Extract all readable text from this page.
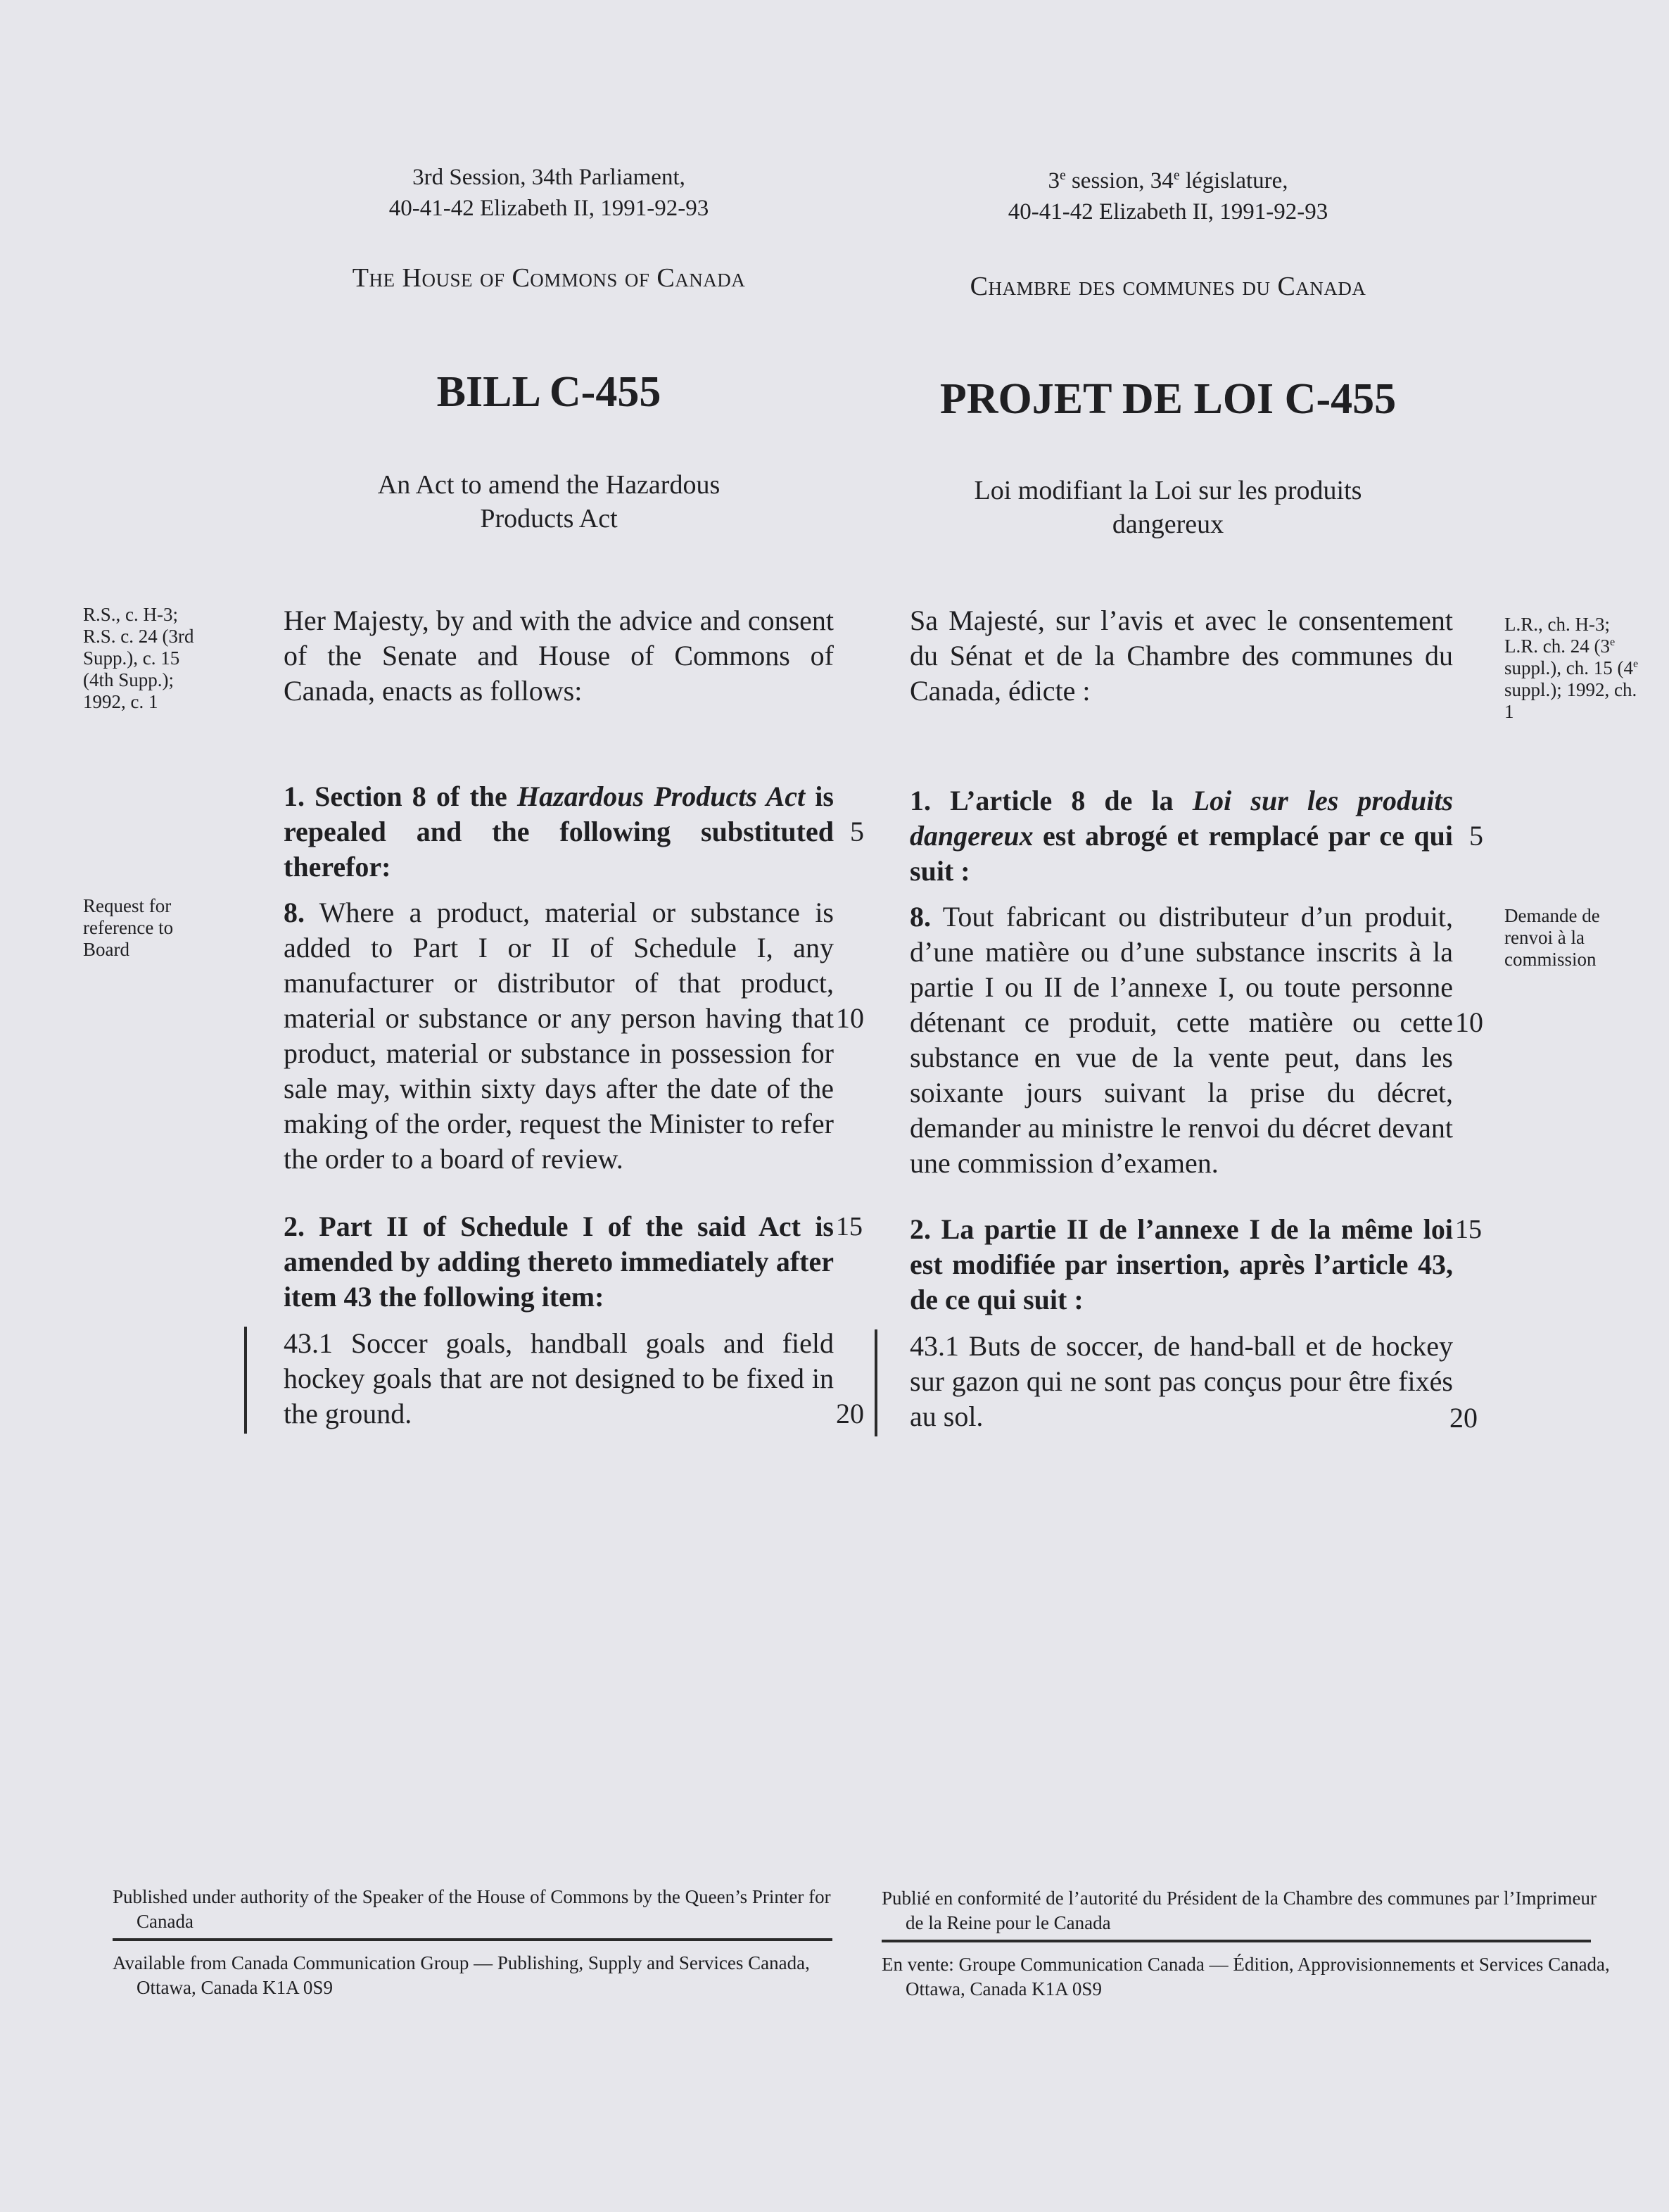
3rd Session, 34th Parliament,
40-41-42 Elizabeth II, 1991-92-93
The House of Commons of Canada
BILL C-455
An Act to amend the Hazardous
Products Act
3e session, 34e législature,
40-41-42 Elizabeth II, 1991-92-93
Chambre des communes du Canada
PROJET DE LOI C-455
Loi modifiant la Loi sur les produits
dangereux
R.S., c. H-3; R.S. c. 24 (3rd Supp.), c. 15 (4th Supp.); 1992, c. 1
Request for reference to Board
L.R., ch. H-3; L.R. ch. 24 (3e suppl.), ch. 15 (4e suppl.); 1992, ch. 1
Demande de renvoi à la commission
Her Majesty, by and with the advice and consent of the Senate and House of Commons of Canada, enacts as follows:
1. Section 8 of the Hazardous Products Act is repealed and the following substituted therefor:
8. Where a product, material or substance is added to Part I or II of Schedule I, any manufacturer or distributor of that product, material or substance or any person having that product, material or substance in possession for sale may, within sixty days after the date of the making of the order, request the Minister to refer the order to a board of review.
2. Part II of Schedule I of the said Act is amended by adding thereto immediately after item 43 the following item:
43.1 Soccer goals, handball goals and field hockey goals that are not designed to be fixed in the ground.
Sa Majesté, sur l’avis et avec le consentement du Sénat et de la Chambre des communes du Canada, édicte :
1. L’article 8 de la Loi sur les produits dangereux est abrogé et remplacé par ce qui suit :
8. Tout fabricant ou distributeur d’un produit, d’une matière ou d’une substance inscrits à la partie I ou II de l’annexe I, ou toute personne détenant ce produit, cette matière ou cette substance en vue de la vente peut, dans les soixante jours suivant la prise du décret, demander au ministre le renvoi du décret devant une commission d’examen.
2. La partie II de l’annexe I de la même loi est modifiée par insertion, après l’article 43, de ce qui suit :
43.1 Buts de soccer, de hand-ball et de hockey sur gazon qui ne sont pas conçus pour être fixés au sol.
5
10
15
20
5
10
15
20
Published under authority of the Speaker of the House of Commons by the Queen’s Printer for Canada
Available from Canada Communication Group — Publishing, Supply and Services Canada, Ottawa, Canada K1A 0S9
Publié en conformité de l’autorité du Président de la Chambre des communes par l’Imprimeur de la Reine pour le Canada
En vente: Groupe Communication Canada — Édition, Approvisionnements et Services Canada, Ottawa, Canada K1A 0S9
